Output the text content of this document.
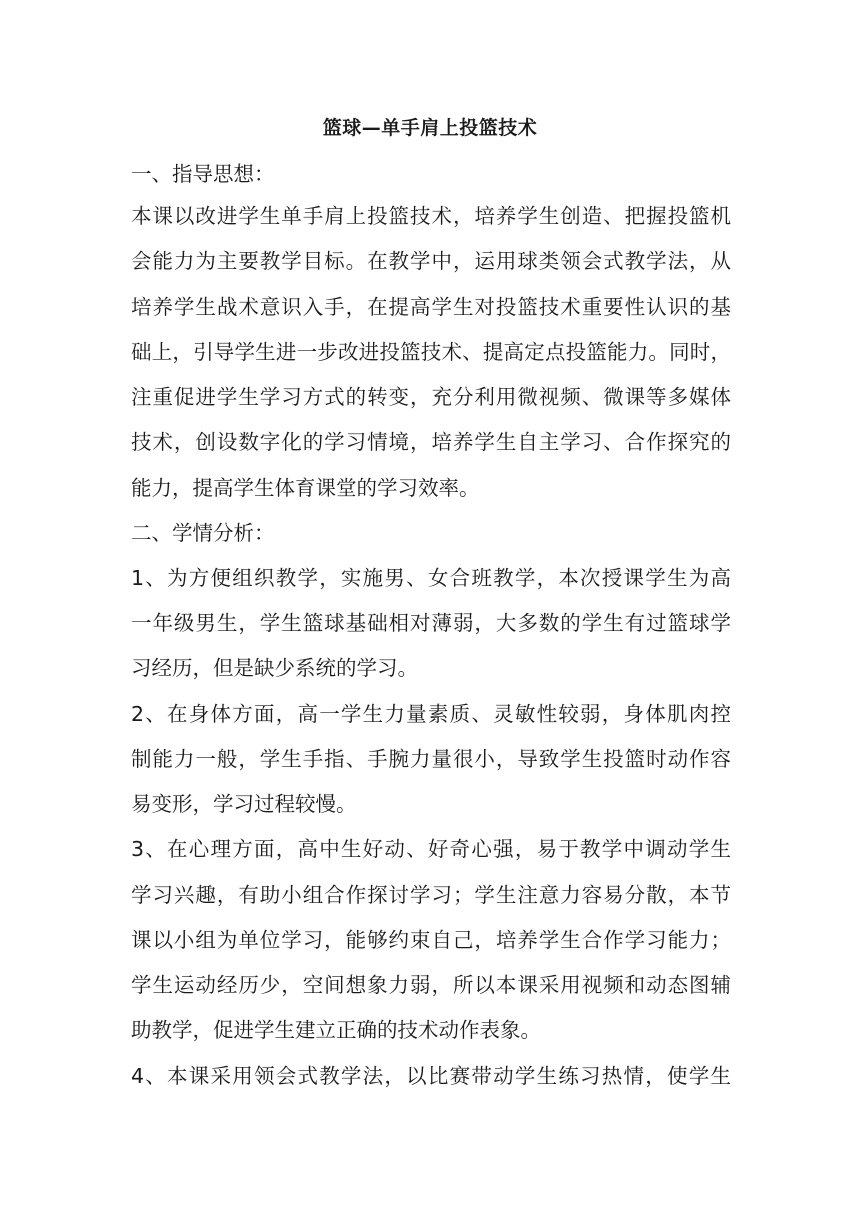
篮球—单手肩上投篮技术
一、指导思想：
本课以改进学生单手肩上投篮技术，培养学生创造、把握投篮机
会能力为主要教学目标。在教学中，运用球类领会式教学法，从
培养学生战术意识入手，在提高学生对投篮技术重要性认识的基
础上，引导学生进一步改进投篮技术、提高定点投篮能力。同时，
注重促进学生学习方式的转变，充分利用微视频、微课等多媒体
技术，创设数字化的学习情境，培养学生自主学习、合作探究的
能力，提高学生体育课堂的学习效率。
二、学情分析：
1、为方便组织教学，实施男、女合班教学，本次授课学生为高
一年级男生，学生篮球基础相对薄弱，大多数的学生有过篮球学
习经历，但是缺少系统的学习。
2、在身体方面，高一学生力量素质、灵敏性较弱，身体肌肉控
制能力一般，学生手指、手腕力量很小，导致学生投篮时动作容
易变形，学习过程较慢。
3、在心理方面，高中生好动、好奇心强，易于教学中调动学生
学习兴趣，有助小组合作探讨学习；学生注意力容易分散，本节
课以小组为单位学习，能够约束自己，培养学生合作学习能力；
学生运动经历少，空间想象力弱，所以本课采用视频和动态图辅
助教学，促进学生建立正确的技术动作表象。
4、本课采用领会式教学法，以比赛带动学生练习热情，使学生
